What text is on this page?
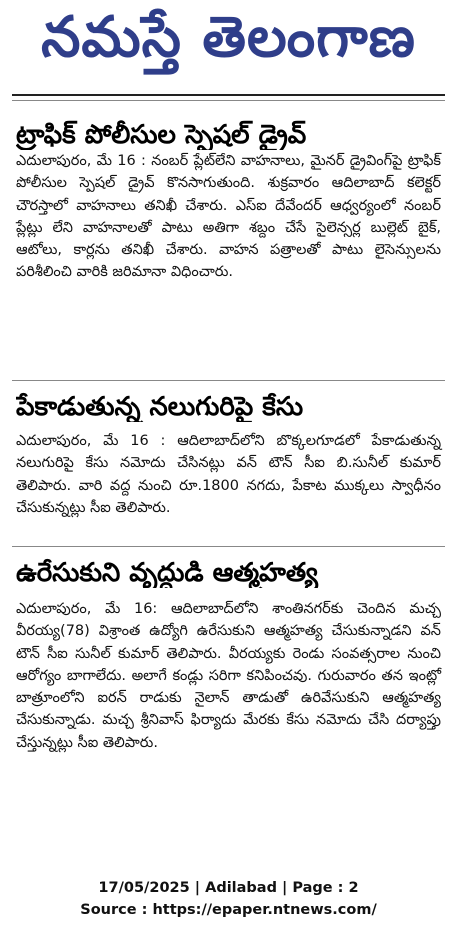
నమస్తే తెలంగాణ
ట్రాఫిక్ పోలీసుల స్పెషల్ డ్రైవ్

ఎదులాపురం, మే 16 : నంబర్ ప్లేట్‌లేని వాహనాలు, మైనర్ డ్రైవింగ్‌పై ట్రాఫిక్ పోలీసుల స్పెషల్ డ్రైవ్ కొనసాగుతుంది. శుక్రవారం ఆదిలాబాద్ కలెక్టర్ చౌరస్తాలో వాహనాలు తనిఖీ చేశారు. ఎస్ఐ దేవేందర్ ఆధ్వర్యంలో నంబర్ ప్లేట్లు లేని వాహనాలతో పాటు అతిగా శబ్దం చేసే సైలెన్సర్ల బుల్లెట్ బైక్, ఆటోలు, కార్లను తనిఖీ చేశారు. వాహన పత్రాలతో పాటు లైసెన్సులను పరిశీలించి వారికి జరిమానా విధించారు.

పేకాడుతున్న నలుగురిపై కేసు

ఎదులాపురం, మే 16 : ఆదిలాబాద్‌లోని బొక్కలగూడలో పేకాడుతున్న నలుగురిపై కేసు నమోదు చేసినట్లు వన్ టౌన్ సీఐ బి.సునీల్ కుమార్ తెలిపారు. వారి వద్ద నుంచి రూ.1800 నగదు, పేకాట ముక్కలు స్వాధీనం చేసుకున్నట్లు సీఐ తెలిపారు.

ఉరేసుకుని వృద్ధుడి ఆత్మహత్య

ఎదులాపురం, మే 16: ఆదిలాబాద్‌లోని శాంతినగర్‌కు చెందిన మచ్చ వీరయ్య(78) విశ్రాంత ఉద్యోగి ఉరేసుకుని ఆత్మహత్య చేసుకున్నాడని వన్ టౌన్ సీఐ సునీల్ కుమార్ తెలిపారు. వీరయ్యకు రెండు సంవత్సరాల నుంచి ఆరోగ్యం బాగాలేదు. అలాగే కండ్లు సరిగా కనిపించవు. గురువారం తన ఇంట్లో బాత్రూంలోని ఐరన్ రాడుకు నైలాన్ తాడుతో ఉరివేసుకుని ఆత్మహత్య చేసుకున్నాడు. మచ్చ శ్రీనివాస్ ఫిర్యాదు మేరకు కేసు నమోదు చేసి దర్యాప్తు చేస్తున్నట్లు సీఐ తెలిపారు.

17/05/2025 | Adilabad | Page : 2
Source : https://epaper.ntnews.com/
